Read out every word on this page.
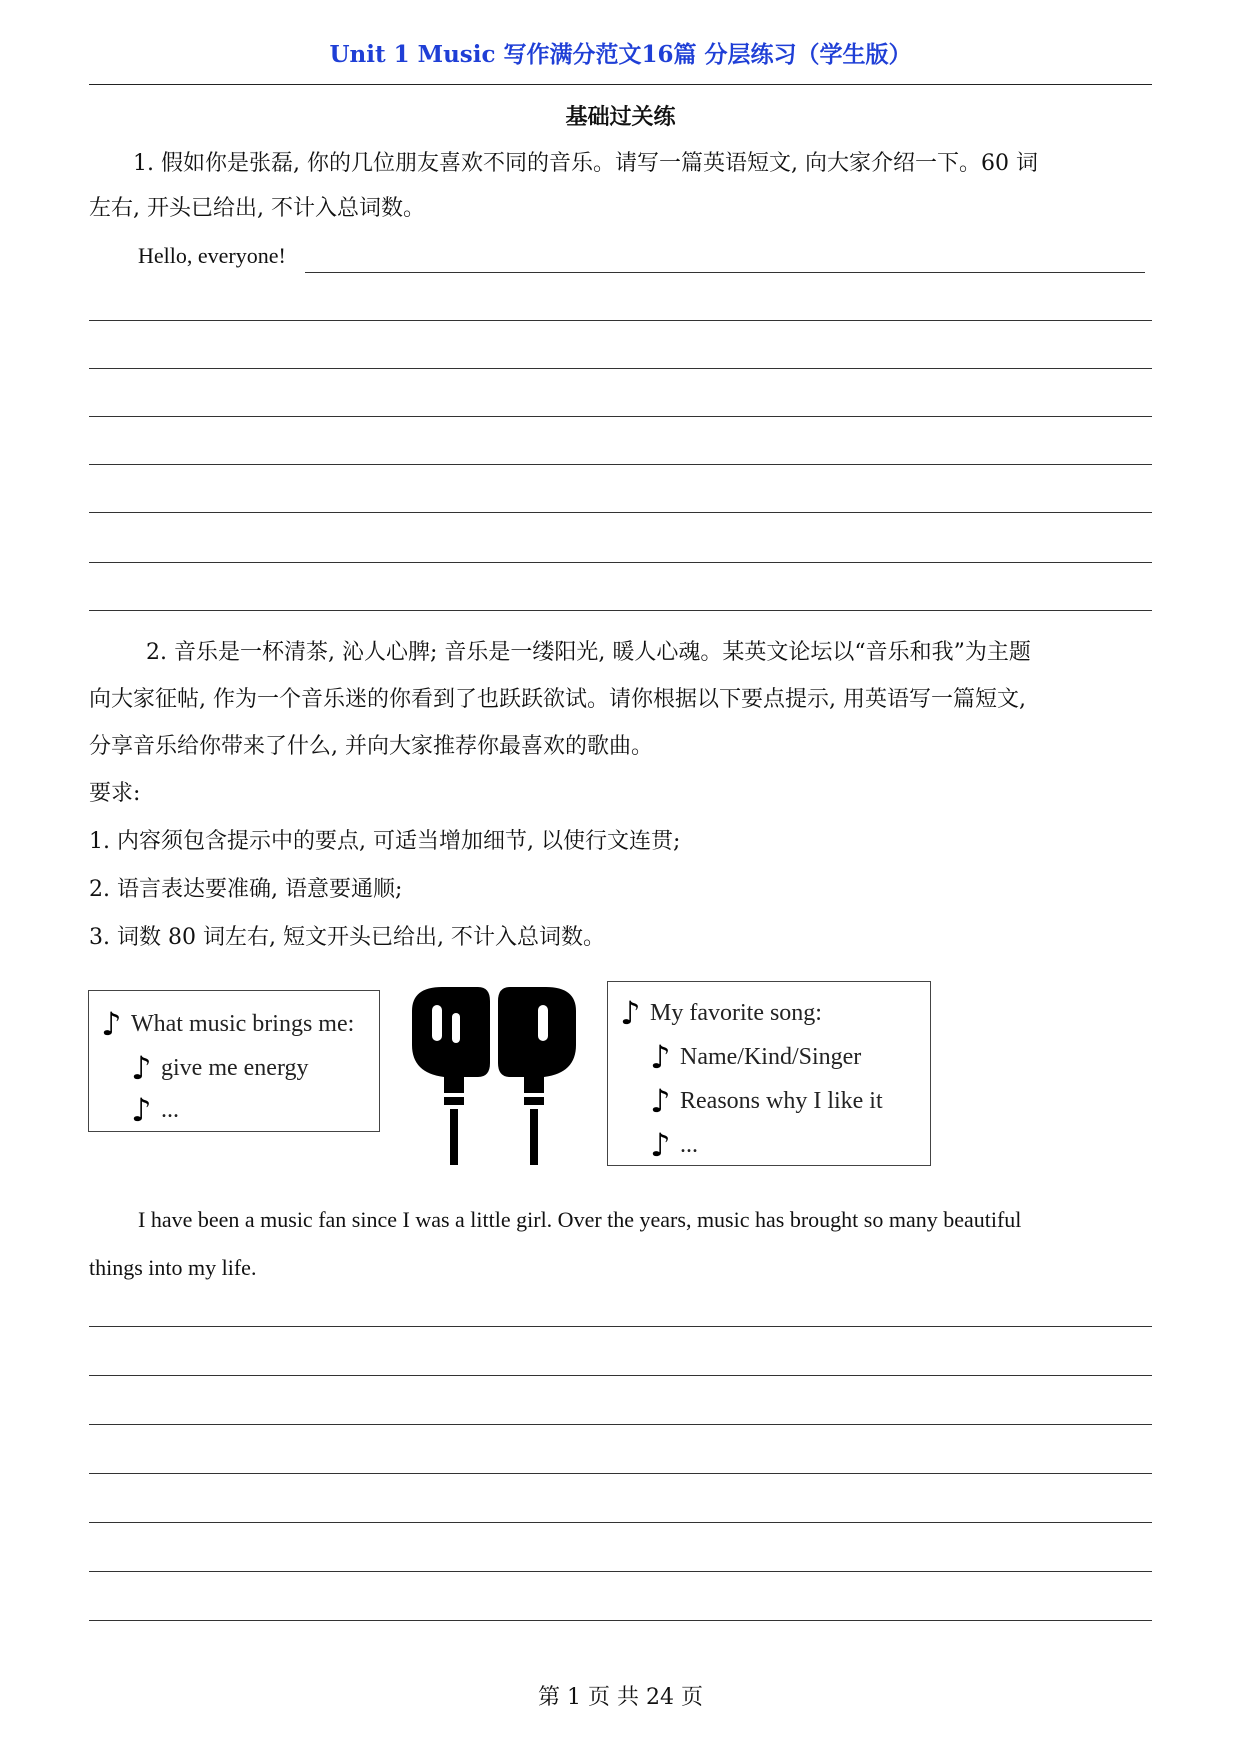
Unit 1 Music 写作满分范文16篇 分层练习（学生版）
基础过关练
1. 假如你是张磊, 你的几位朋友喜欢不同的音乐。请写一篇英语短文, 向大家介绍一下。60 词
左右, 开头已给出, 不计入总词数。
Hello, everyone!
2. 音乐是一杯清茶, 沁人心脾; 音乐是一缕阳光, 暖人心魂。某英文论坛以“音乐和我”为主题
向大家征帖, 作为一个音乐迷的你看到了也跃跃欲试。请你根据以下要点提示, 用英语写一篇短文,
分享音乐给你带来了什么, 并向大家推荐你最喜欢的歌曲。
要求:
1. 内容须包含提示中的要点, 可适当增加细节, 以使行文连贯;
2. 语言表达要准确, 语意要通顺;
3. 词数 80 词左右, 短文开头已给出, 不计入总词数。
♪ What music brings me:
♪ give me energy
♪ ...
♪ My favorite song:
♪ Name/Kind/Singer
♪ Reasons why I like it
♪ ...
I have been a music fan since I was a little girl. Over the years, music has brought so many beautiful
things into my life.
第 1 页 共 24 页
